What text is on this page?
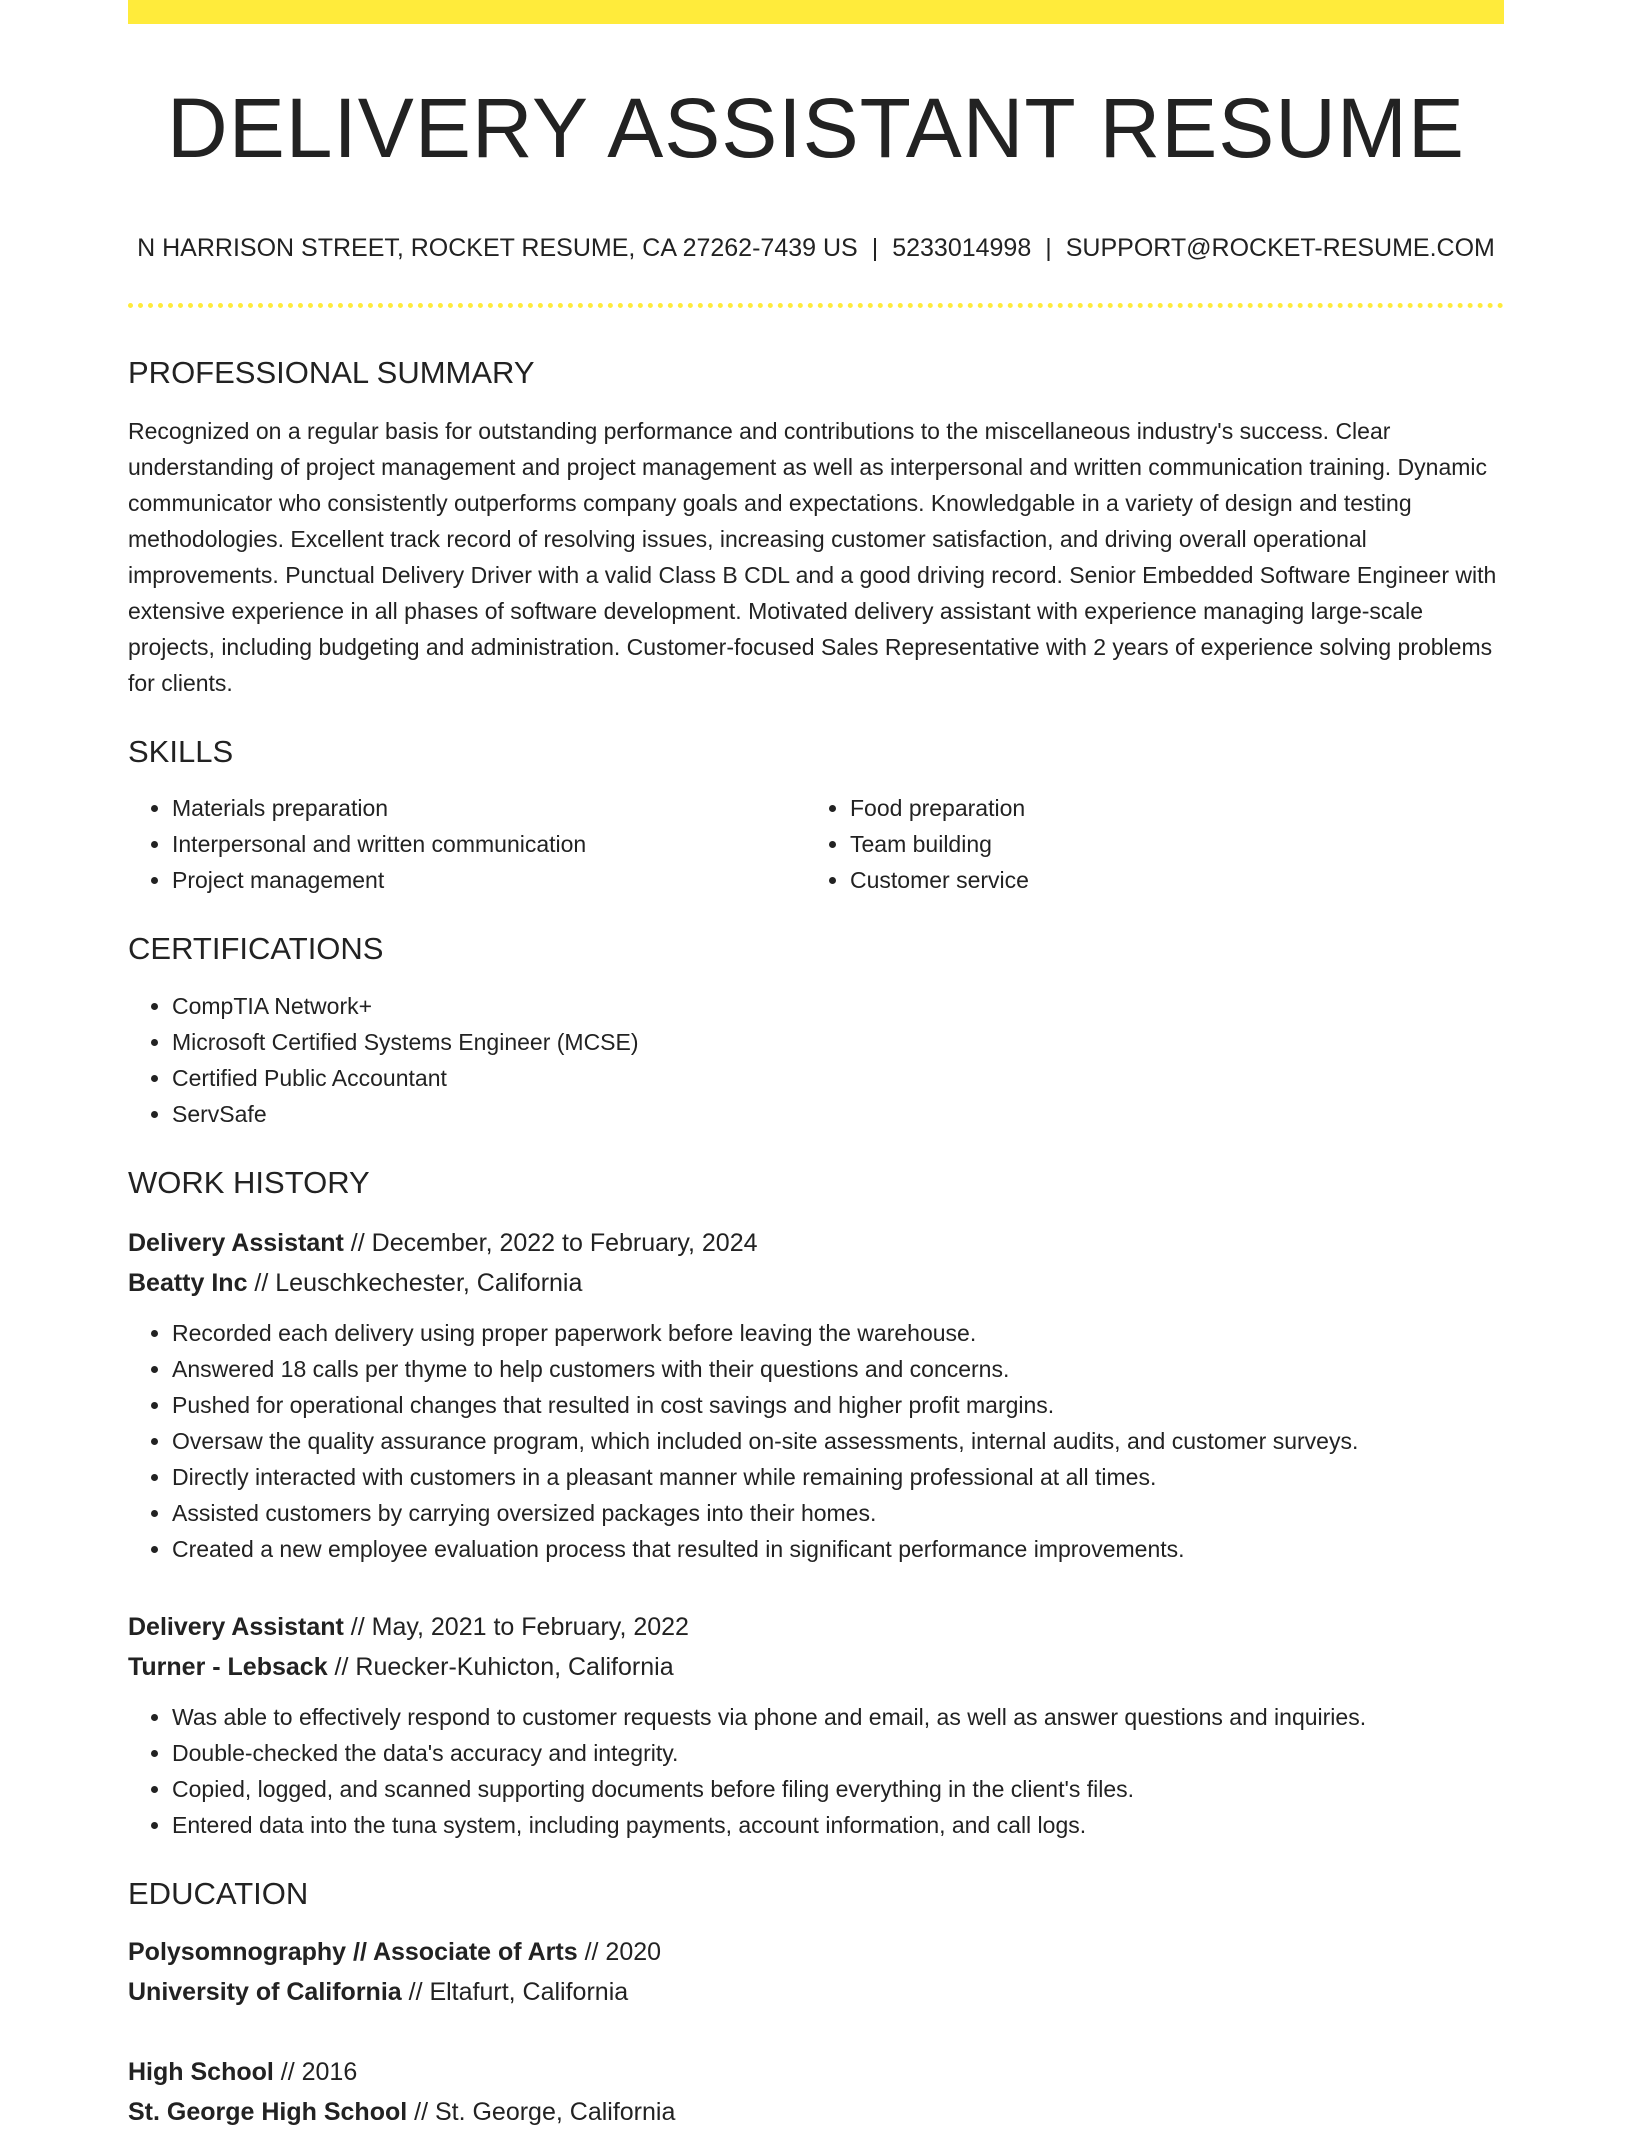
DELIVERY ASSISTANT RESUME
N HARRISON STREET, ROCKET RESUME, CA 27262-7439 US | 5233014998 | SUPPORT@ROCKET-RESUME.COM
PROFESSIONAL SUMMARY

Recognized on a regular basis for outstanding performance and contributions to the miscellaneous industry's success. Clear understanding of project management and project management as well as interpersonal and written communication training. Dynamic communicator who consistently outperforms company goals and expectations. Knowledgable in a variety of design and testing methodologies. Excellent track record of resolving issues, increasing customer satisfaction, and driving overall operational improvements. Punctual Delivery Driver with a valid Class B CDL and a good driving record. Senior Embedded Software Engineer with extensive experience in all phases of software development. Motivated delivery assistant with experience managing large-scale projects, including budgeting and administration. Customer-focused Sales Representative with 2 years of experience solving problems for clients.

SKILLS
• Materials preparation
• Interpersonal and written communication
• Project management
• Food preparation
• Team building
• Customer service
CERTIFICATIONS
• CompTIA Network+
• Microsoft Certified Systems Engineer (MCSE)
• Certified Public Accountant
• ServSafe
WORK HISTORY
Delivery Assistant // December, 2022 to February, 2024
Beatty Inc // Leuschkechester, California
• Recorded each delivery using proper paperwork before leaving the warehouse.
• Answered 18 calls per thyme to help customers with their questions and concerns.
• Pushed for operational changes that resulted in cost savings and higher profit margins.
• Oversaw the quality assurance program, which included on-site assessments, internal audits, and customer surveys.
• Directly interacted with customers in a pleasant manner while remaining professional at all times.
• Assisted customers by carrying oversized packages into their homes.
• Created a new employee evaluation process that resulted in significant performance improvements.
Delivery Assistant // May, 2021 to February, 2022
Turner - Lebsack // Ruecker-Kuhicton, California
• Was able to effectively respond to customer requests via phone and email, as well as answer questions and inquiries.
• Double-checked the data's accuracy and integrity.
• Copied, logged, and scanned supporting documents before filing everything in the client's files.
• Entered data into the tuna system, including payments, account information, and call logs.
EDUCATION
Polysomnography // Associate of Arts // 2020
University of California // Eltafurt, California
High School // 2016
St. George High School // St. George, California
